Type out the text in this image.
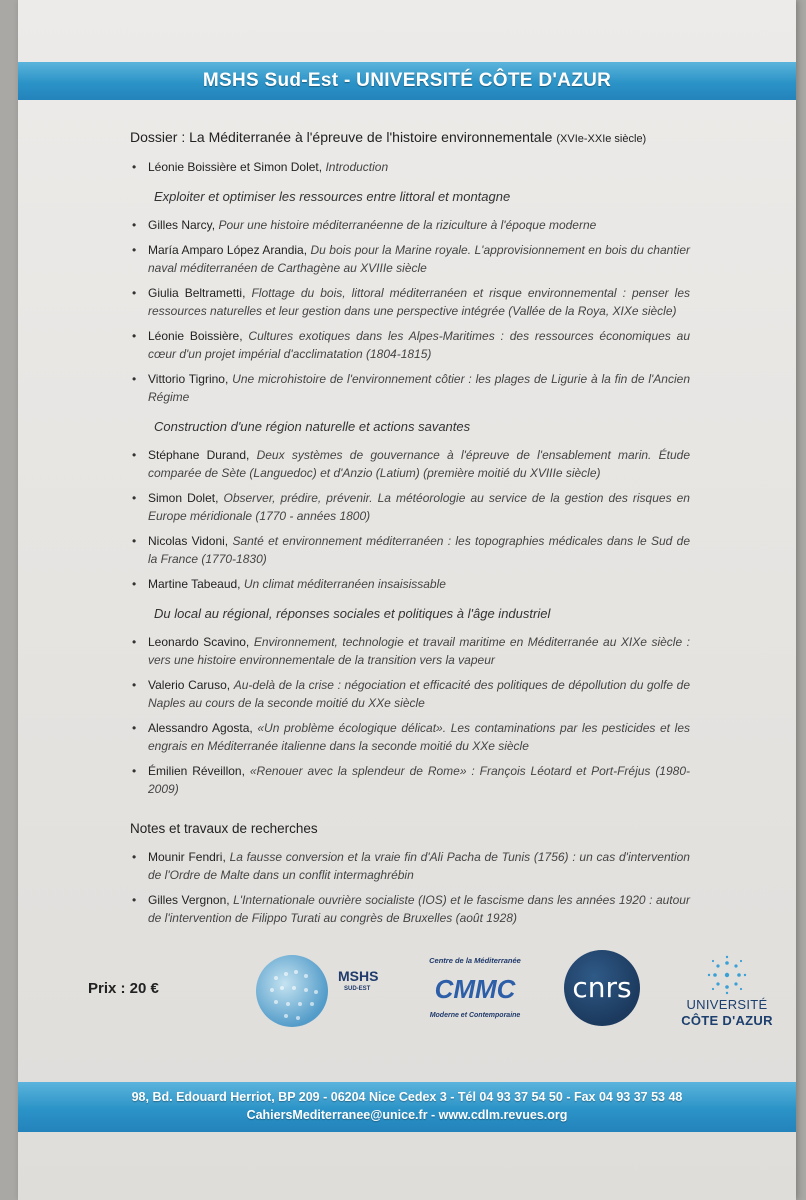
MSHS Sud-Est - UNIVERSITÉ CÔTE D'AZUR
Dossier : La Méditerranée à l'épreuve de l'histoire environnementale (XVIe-XXIe siècle)
• Léonie Boissière et Simon Dolet, Introduction
Exploiter et optimiser les ressources entre littoral et montagne
• Gilles Narcy, Pour une histoire méditerranéenne de la riziculture à l'époque moderne
• María Amparo López Arandia, Du bois pour la Marine royale. L'approvisionnement en bois du chantier naval méditerranéen de Carthagène au XVIIIe siècle
• Giulia Beltrametti, Flottage du bois, littoral méditerranéen et risque environnemental : penser les ressources naturelles et leur gestion dans une perspective intégrée (Vallée de la Roya, XIXe siècle)
• Léonie Boissière, Cultures exotiques dans les Alpes-Maritimes : des ressources économiques au cœur d'un projet impérial d'acclimatation (1804-1815)
• Vittorio Tigrino, Une microhistoire de l'environnement côtier : les plages de Ligurie à la fin de l'Ancien Régime
Construction d'une région naturelle et actions savantes
• Stéphane Durand, Deux systèmes de gouvernance à l'épreuve de l'ensablement marin. Étude comparée de Sète (Languedoc) et d'Anzio (Latium) (première moitié du XVIIIe siècle)
• Simon Dolet, Observer, prédire, prévenir. La météorologie au service de la gestion des risques en Europe méridionale (1770 - années 1800)
• Nicolas Vidoni, Santé et environnement méditerranéen : les topographies médicales dans le Sud de la France (1770-1830)
• Martine Tabeaud, Un climat méditerranéen insaisissable
Du local au régional, réponses sociales et politiques à l'âge industriel
• Leonardo Scavino, Environnement, technologie et travail maritime en Méditerranée au XIXe siècle : vers une histoire environnementale de la transition vers la vapeur
• Valerio Caruso, Au-delà de la crise : négociation et efficacité des politiques de dépollution du golfe de Naples au cours de la seconde moitié du XXe siècle
• Alessandro Agosta, «Un problème écologique délicat». Les contaminations par les pesticides et les engrais en Méditerranée italienne dans la seconde moitié du XXe siècle
• Émilien Réveillon, «Renouer avec la splendeur de Rome» : François Léotard et Port-Fréjus (1980-2009)
Notes et travaux de recherches
• Mounir Fendri, La fausse conversion et la vraie fin d'Ali Pacha de Tunis (1756) : un cas d'intervention de l'Ordre de Malte dans un conflit intermaghrébin
• Gilles Vergnon, L'Internationale ouvrière socialiste (IOS) et le fascisme dans les années 1920 : autour de l'intervention de Filippo Turati au congrès de Bruxelles (août 1928)
Prix : 20 €
MSHS
SUD-EST
Centre de la Méditerranée
CMMC
Moderne et Contemporaine
cnrs
UNIVERSITÉ
CÔTE D'AZUR
98, Bd. Edouard Herriot, BP 209 - 06204 Nice Cedex 3 - Tél 04 93 37 54 50 - Fax 04 93 37 53 48
CahiersMediterranee@unice.fr - www.cdlm.revues.org
